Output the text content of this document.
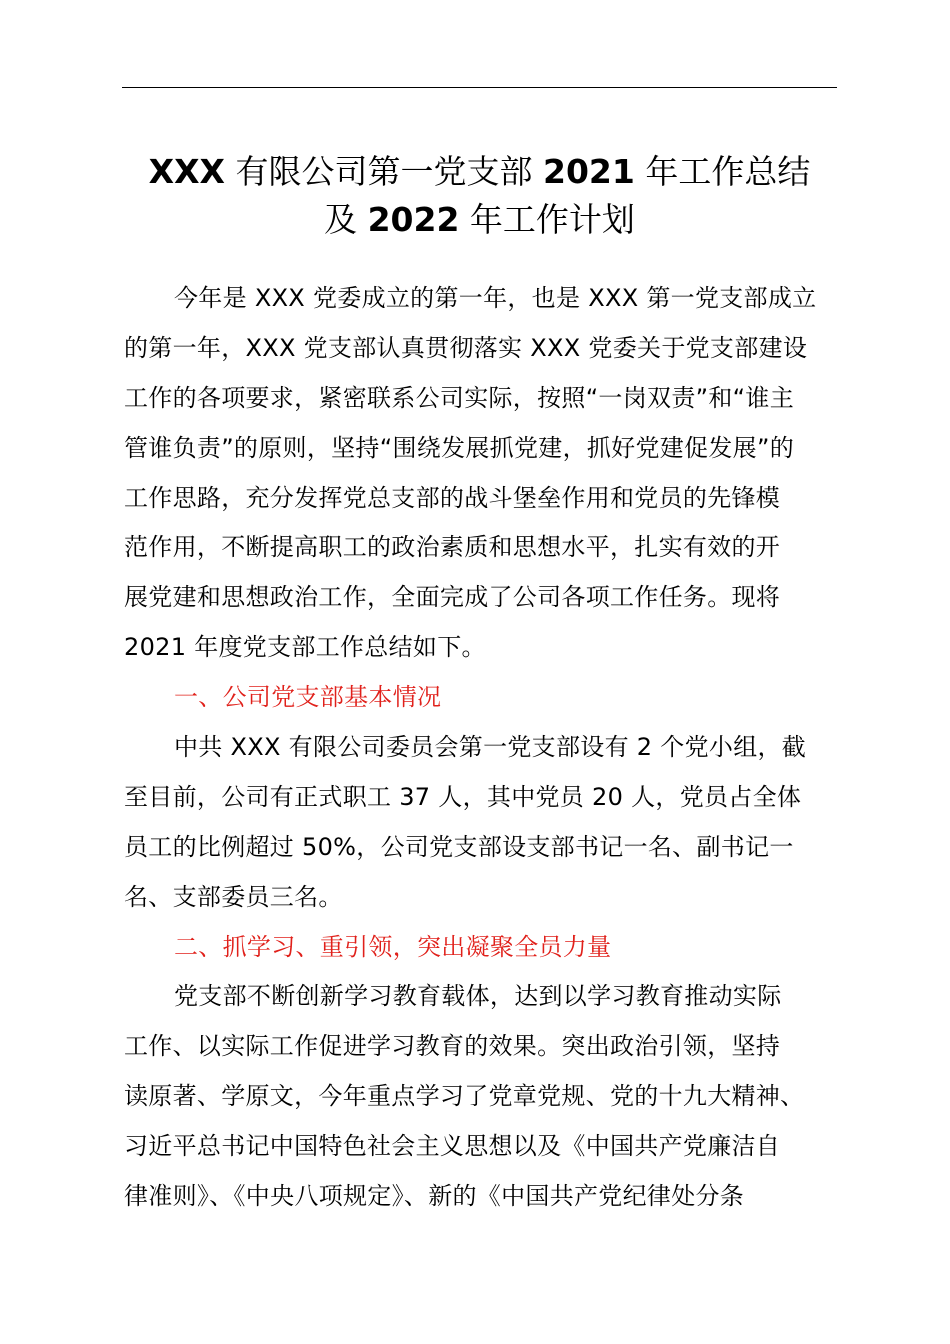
XXX 有限公司第一党支部 2021 年工作总结
及 2022 年工作计划
今年是 XXX 党委成立的第一年，也是 XXX 第一党支部成立
的第一年，XXX 党支部认真贯彻落实 XXX 党委关于党支部建设
工作的各项要求，紧密联系公司实际，按照“一岗双责”和“谁主
管谁负责”的原则，坚持“围绕发展抓党建，抓好党建促发展”的
工作思路，充分发挥党总支部的战斗堡垒作用和党员的先锋模
范作用，不断提高职工的政治素质和思想水平，扎实有效的开
展党建和思想政治工作，全面完成了公司各项工作任务。现将
2021 年度党支部工作总结如下。
一、公司党支部基本情况
中共 XXX 有限公司委员会第一党支部设有 2 个党小组，截
至目前，公司有正式职工 37 人，其中党员 20 人，党员占全体
员工的比例超过 50%，公司党支部设支部书记一名、副书记一
名、支部委员三名。
二、抓学习、重引领，突出凝聚全员力量
党支部不断创新学习教育载体，达到以学习教育推动实际
工作、以实际工作促进学习教育的效果。突出政治引领，坚持
读原著、学原文，今年重点学习了党章党规、党的十九大精神、
习近平总书记中国特色社会主义思想以及《中国共产党廉洁自
律准则》、《中央八项规定》、新的《中国共产党纪律处分条
